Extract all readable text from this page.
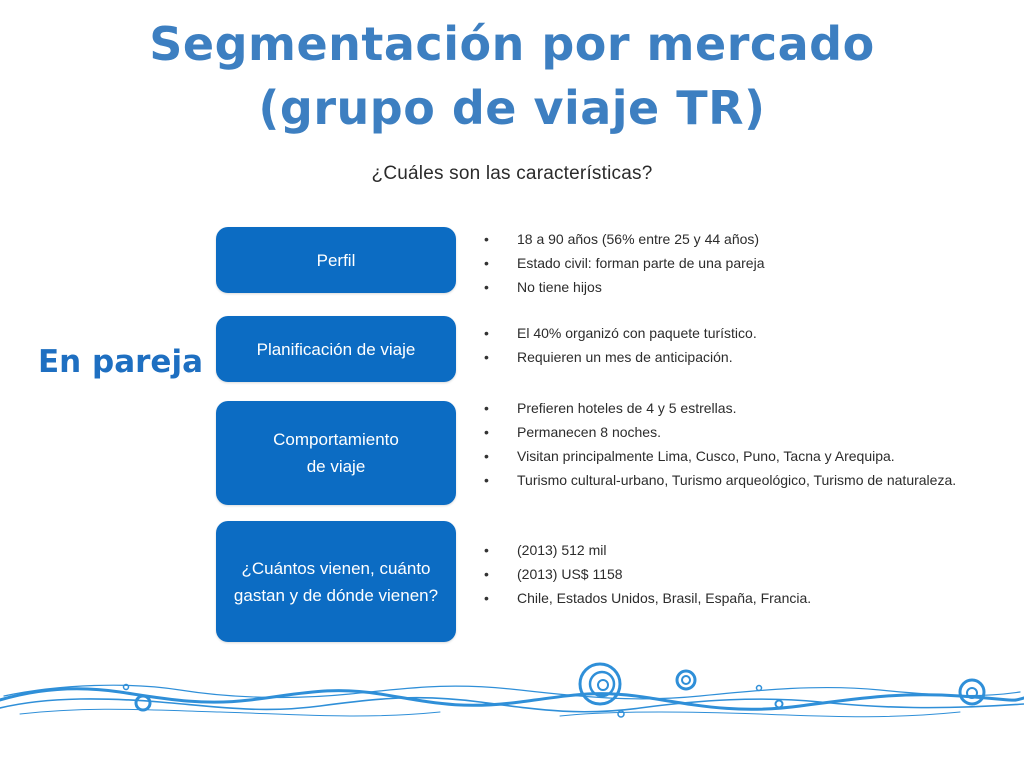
Segmentación por mercado
(grupo de viaje TR)
¿Cuáles son las características?
En pareja
Perfil
Planificación de viaje
Comportamiento
de viaje
¿Cuántos vienen, cuánto
gastan y de dónde vienen?
• 18 a 90 años (56% entre 25 y 44 años)
• Estado civil: forman parte de una pareja
• No tiene hijos
• El 40% organizó con paquete turístico.
• Requieren un mes de anticipación.
• Prefieren hoteles de 4 y 5 estrellas.
• Permanecen 8 noches.
• Visitan principalmente Lima, Cusco, Puno, Tacna y Arequipa.
• Turismo cultural-urbano, Turismo arqueológico, Turismo de naturaleza.
• (2013) 512 mil
• (2013) US$ 1158
• Chile, Estados Unidos, Brasil, España, Francia.
